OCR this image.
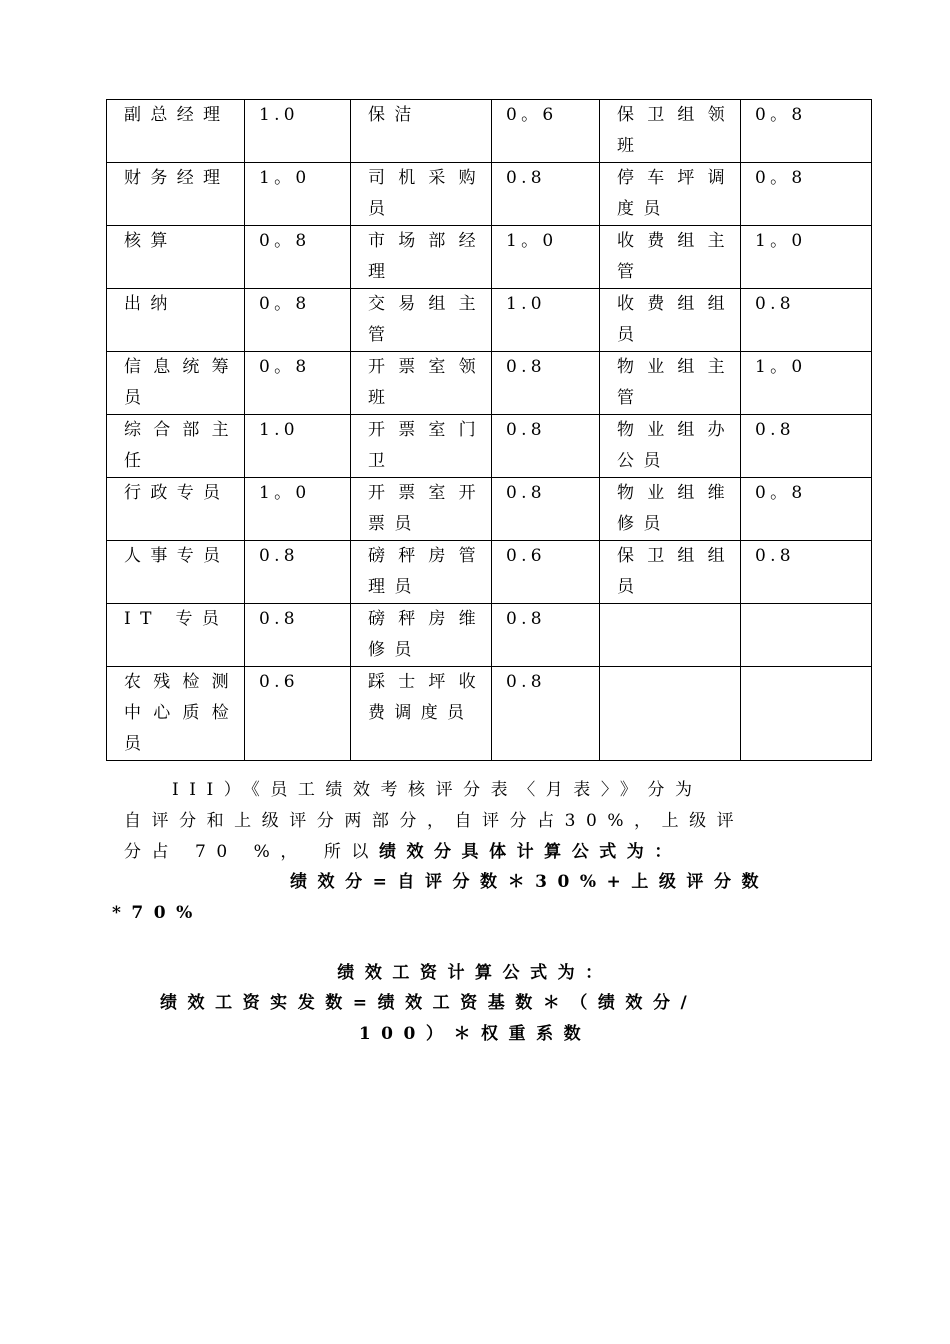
副总经理	1.0	保洁	0。6	保卫组领班	0。8
财务经理	1。0	司机采购员	0.8	停车坪调度员	0。8
核算	0。8	市场部经理	1。0	收费组主管	1。0
出纳	0。8	交易组主管	1.0	收费组组员	0.8
信息统筹员	0。8	开票室领班	0.8	物业组主管	1。0
综合部主任	1.0	开票室门卫	0.8	物业组办公员	0.8
行政专员	1。0	开票室开票员	0.8	物业组维修员	0。8
人事专员	0.8	磅秤房管理员	0.6	保卫组组员	0.8
IT 专员	0.8	磅秤房维修员	0.8		
农残检测中心质检员	0.6	踩士坪收费调度员	0.8		
III）《员工绩效考核评分表〈月表〉》分为
自评分和上级评分两部分，自评分占30%，上级评
分占 70 %， 所以绩效分具体计算公式为：
绩效分=自评分数＊30%+上级评分数
*70%
绩效工资计算公式为：
绩效工资实发数=绩效工资基数＊（绩效分/
100）＊权重系数
